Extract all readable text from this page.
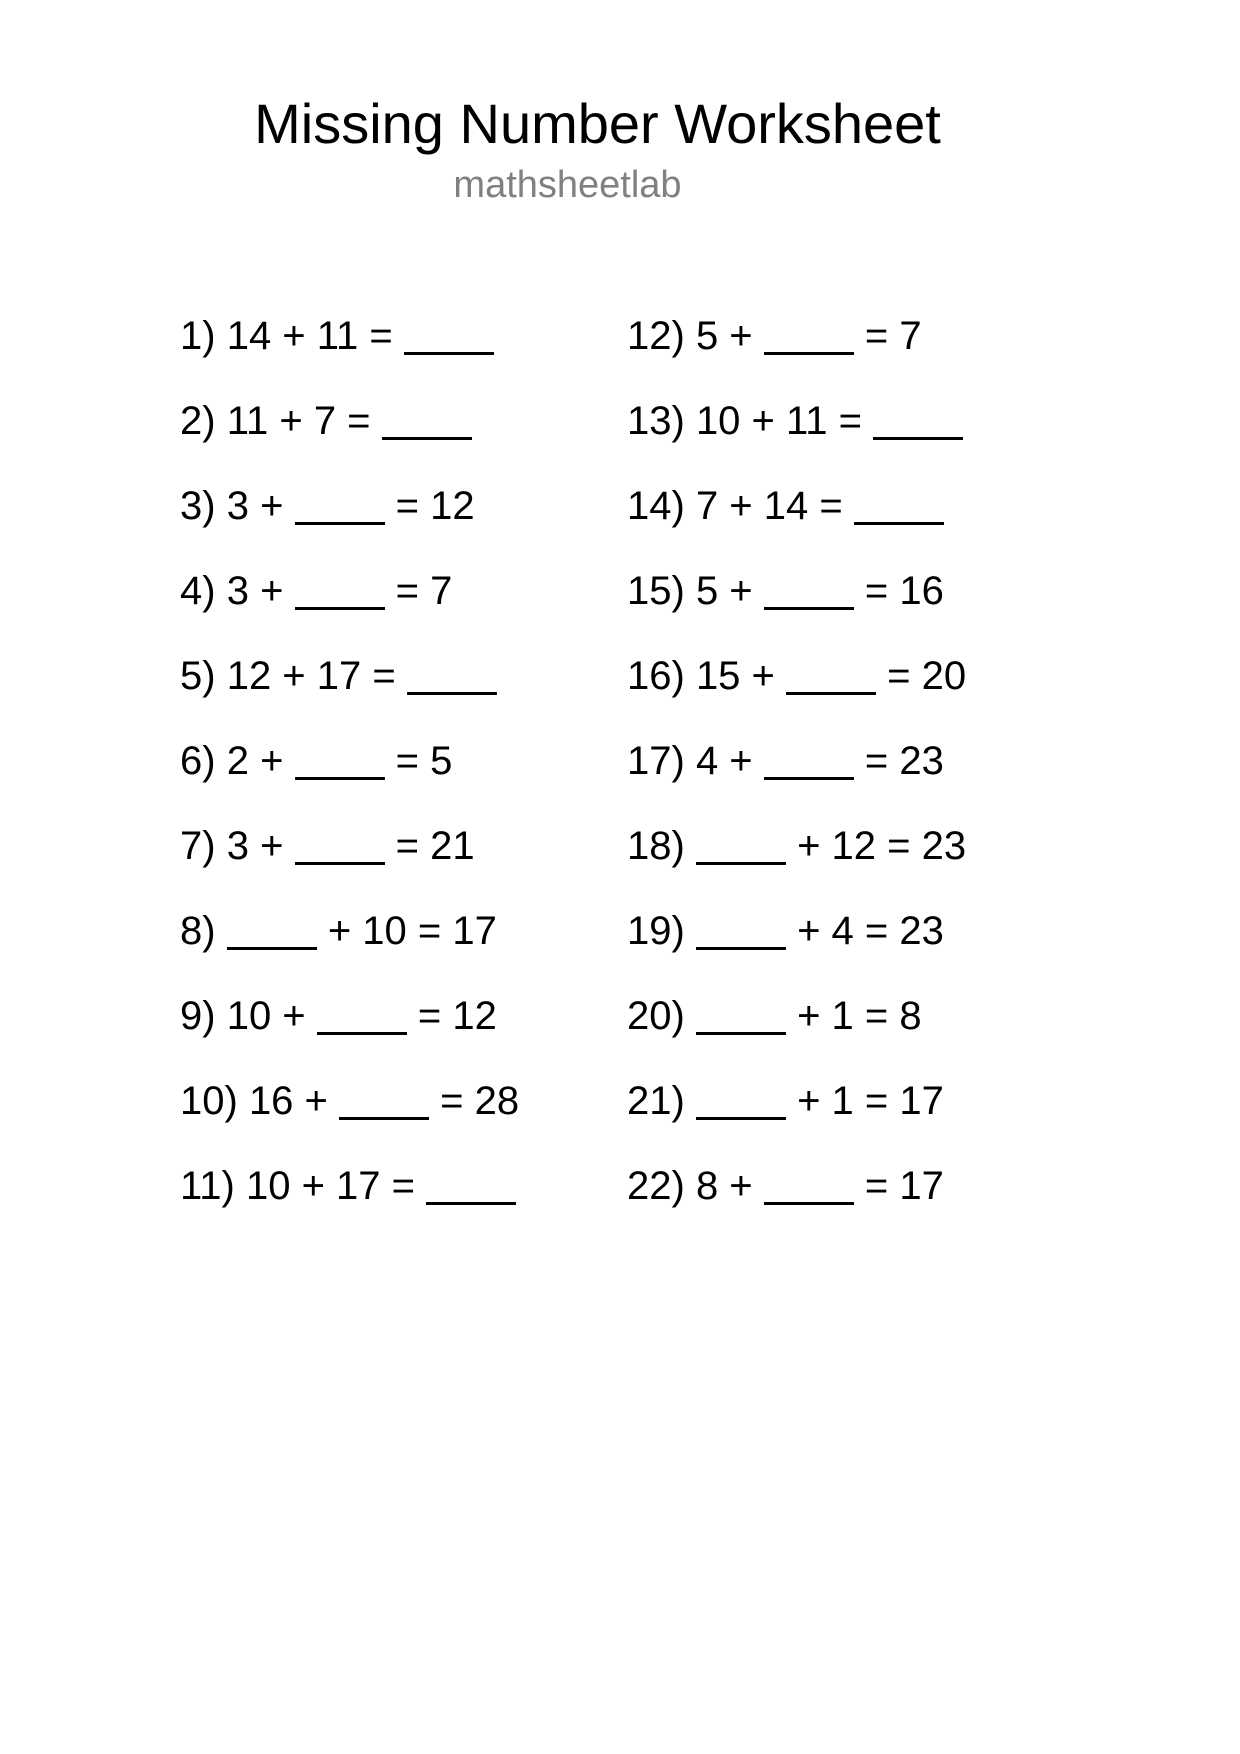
Missing Number Worksheet
mathsheetlab
1) 14 + 11 =
2) 11 + 7 =
3) 3 +	= 12
4) 3 +	= 7
5) 12 + 17 =
6) 2 +	= 5
7) 3 +	= 21
8)	+ 10 = 17
9) 10 +	= 12
10) 16 +	= 28
11) 10 + 17 =
12) 5 +	= 7
13) 10 + 11 =
14) 7 + 14 =
15) 5 +	= 16
16) 15 +	= 20
17) 4 +	= 23
18)	+ 12 = 23
19)	+ 4 = 23
20)	+ 1 = 8
21)	+ 1 = 17
22) 8 +	= 17
